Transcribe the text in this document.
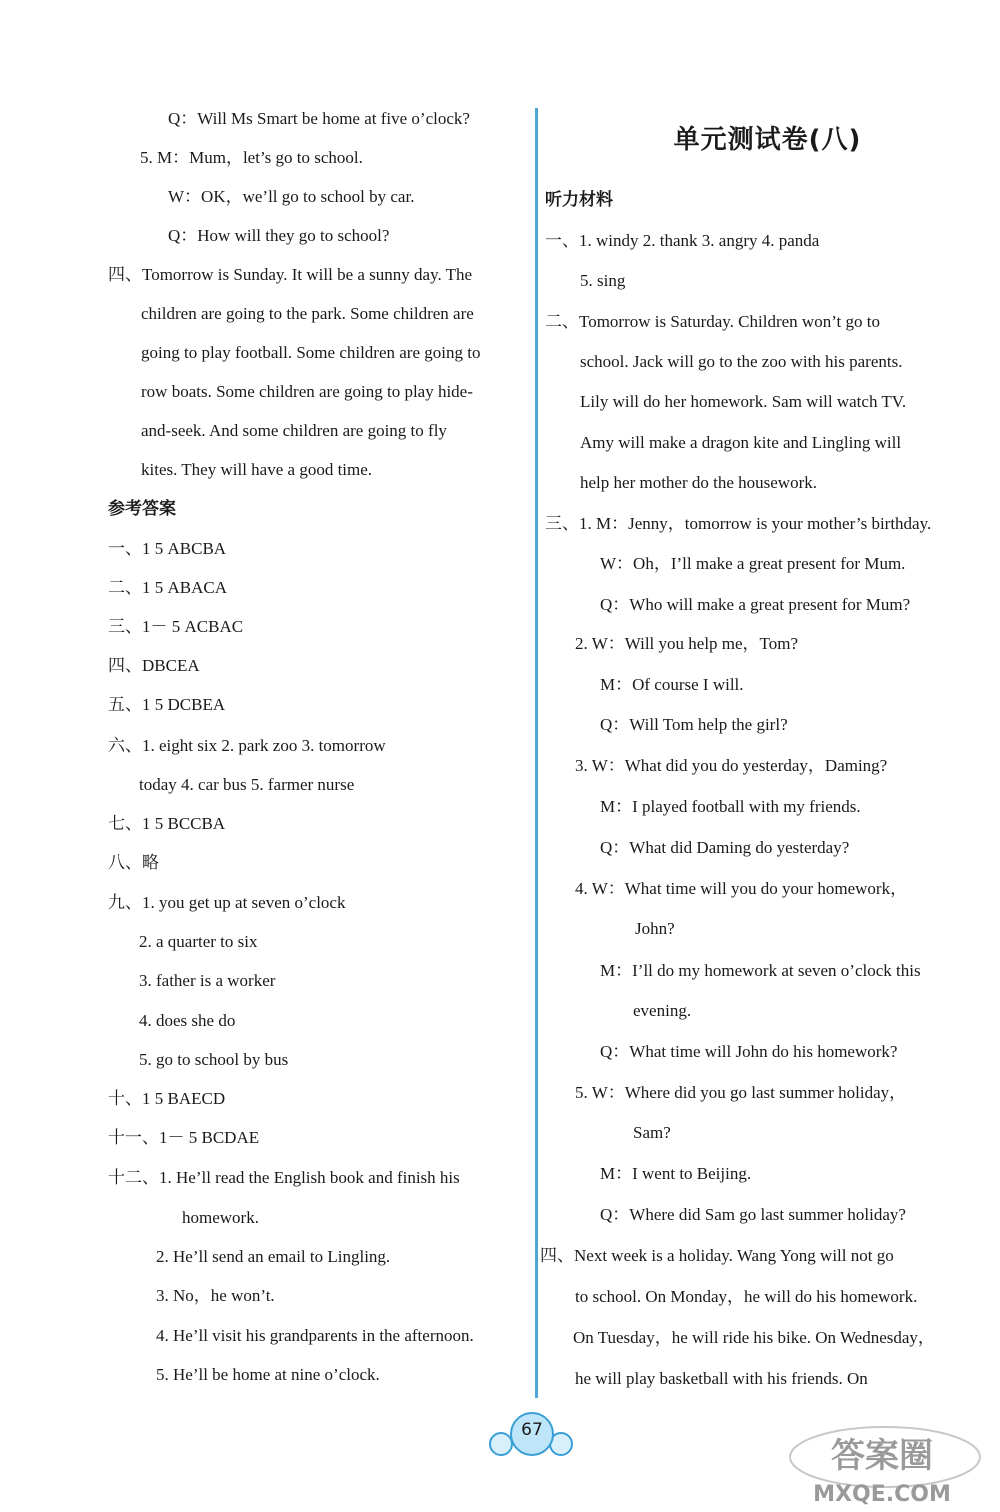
Q：Will Ms Smart be home at five o’clock?
5. M：Mum，let’s go to school.
W：OK，we’ll go to school by car.
Q：How will they go to school?
四、Tomorrow is Sunday. It will be a sunny day. The
children are going to the park. Some children are
going to play football. Some children are going to
row boats. Some children are going to play hide-
and-seek. And some children are going to fly
kites. They will have a good time.
参考答案
一、1 5 ABCBA
二、1 5 ABACA
三、1－ 5 ACBAC
四、DBCEA
五、1 5 DCBEA
六、1. eight six 2. park zoo 3. tomorrow
today 4. car bus 5. farmer nurse
七、1 5 BCCBA
八、略
九、1. you get up at seven o’clock
2. a quarter to six
3. father is a worker
4. does she do
5. go to school by bus
十、1 5 BAECD
十一、1－ 5 BCDAE
十二、1. He’ll read the English book and finish his
homework.
2. He’ll send an email to Lingling.
3. No，he won’t.
4. He’ll visit his grandparents in the afternoon.
5. He’ll be home at nine o’clock.
单元测试卷(八)
听力材料
一、1. windy 2. thank 3. angry 4. panda
5. sing
二、Tomorrow is Saturday. Children won’t go to
school. Jack will go to the zoo with his parents.
Lily will do her homework. Sam will watch TV.
Amy will make a dragon kite and Lingling will
help her mother do the housework.
三、1. M：Jenny，tomorrow is your mother’s birthday.
W：Oh，I’ll make a great present for Mum.
Q：Who will make a great present for Mum?
2. W：Will you help me，Tom?
M：Of course I will.
Q：Will Tom help the girl?
3. W：What did you do yesterday，Daming?
M：I played football with my friends.
Q：What did Daming do yesterday?
4. W：What time will you do your homework，
John?
M：I’ll do my homework at seven o’clock this
evening.
Q：What time will John do his homework?
5. W：Where did you go last summer holiday，
Sam?
M：I went to Beijing.
Q：Where did Sam go last summer holiday?
四、Next week is a holiday. Wang Yong will not go
to school. On Monday，he will do his homework.
On Tuesday，he will ride his bike. On Wednesday，
he will play basketball with his friends. On
67
答案圈
MXQE.COM
